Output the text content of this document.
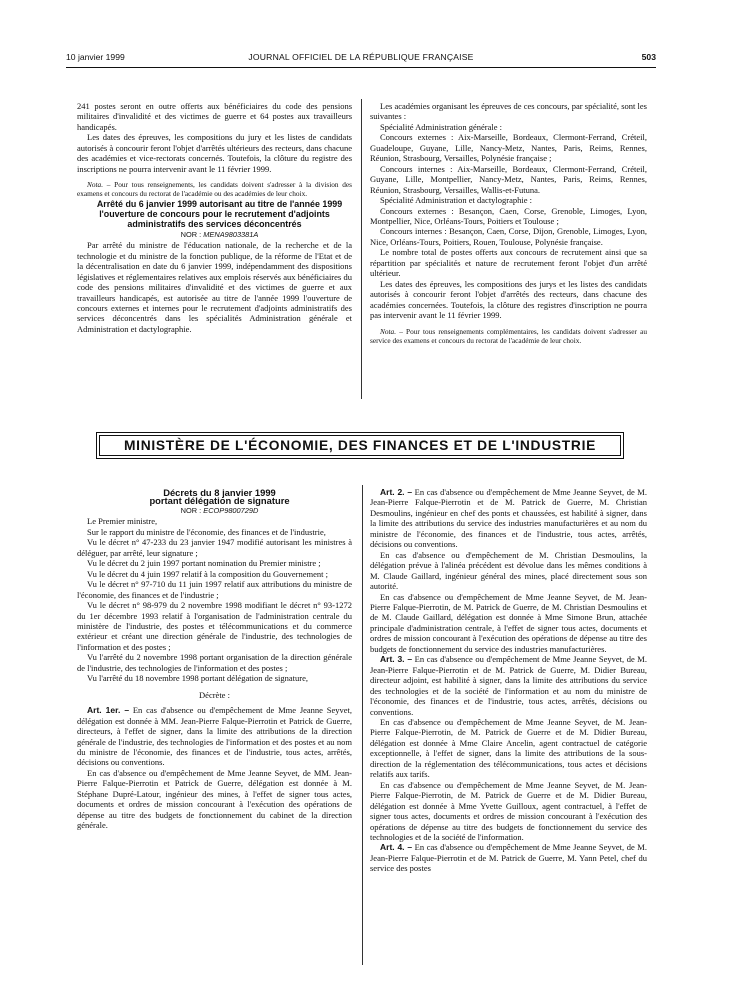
10 janvier 1999	JOURNAL OFFICIEL DE LA RÉPUBLIQUE FRANÇAISE	503

241 postes seront en outre offerts aux bénéficiaires du code des pensions militaires d'invalidité et des victimes de guerre et 64 postes aux travailleurs handicapés.

Les dates des épreuves, les compositions du jury et les listes de candidats autorisés à concourir feront l'objet d'arrêtés ultérieurs des recteurs, dans chacune des académies et vice-rectorats concernés. Toutefois, la clôture du registre des inscriptions ne pourra intervenir avant le 11 février 1999.

Nota. – Pour tous renseignements, les candidats doivent s'adresser à la division des examens et concours du rectorat de l'académie ou des académies de leur choix.

Arrêté du 6 janvier 1999 autorisant au titre de l'année 1999 l'ouverture de concours pour le recrutement d'adjoints administratifs des services déconcentrés

NOR : MENA9803381A

Par arrêté du ministre de l'éducation nationale, de la recherche et de la technologie et du ministre de la fonction publique, de la réforme de l'Etat et de la décentralisation en date du 6 janvier 1999, indépendamment des dispositions législatives et réglementaires relatives aux emplois réservés aux bénéficiaires du code des pensions militaires d'invalidité et des victimes de guerre et aux travailleurs handicapés, est autorisée au titre de l'année 1999 l'ouverture de concours externes et internes pour le recrutement d'adjoints administratifs des services déconcentrés dans les spécialités Administration générale et Administration et dactylographie.

Les académies organisant les épreuves de ces concours, par spécialité, sont les suivantes :

Spécialité Administration générale :

Concours externes : Aix-Marseille, Bordeaux, Clermont-Ferrand, Créteil, Guadeloupe, Guyane, Lille, Nancy-Metz, Nantes, Paris, Reims, Rennes, Réunion, Strasbourg, Versailles, Polynésie française ;

Concours internes : Aix-Marseille, Bordeaux, Clermont-Ferrand, Créteil, Guyane, Lille, Montpellier, Nancy-Metz, Nantes, Paris, Reims, Rennes, Réunion, Strasbourg, Versailles, Wallis-et-Futuna.

Spécialité Administration et dactylographie :

Concours externes : Besançon, Caen, Corse, Grenoble, Limoges, Lyon, Montpellier, Nice, Orléans-Tours, Poitiers et Toulouse ;

Concours internes : Besançon, Caen, Corse, Dijon, Grenoble, Limoges, Lyon, Nice, Orléans-Tours, Poitiers, Rouen, Toulouse, Polynésie française.

Le nombre total de postes offerts aux concours de recrutement ainsi que sa répartition par spécialités et nature de recrutement feront l'objet d'un arrêté ultérieur.

Les dates des épreuves, les compositions des jurys et les listes des candidats autorisés à concourir feront l'objet d'arrêtés des recteurs, dans chacune des académies concernées. Toutefois, la clôture des registres d'inscription ne pourra pas intervenir avant le 11 février 1999.

Nota. – Pour tous renseignements complémentaires, les candidats doivent s'adresser au service des examens et concours du rectorat de l'académie de leur choix.

MINISTÈRE DE L'ÉCONOMIE, DES FINANCES ET DE L'INDUSTRIE

Décrets du 8 janvier 1999

portant délégation de signature

NOR : ECOP9800729D

Le Premier ministre,

Sur le rapport du ministre de l'économie, des finances et de l'industrie,

Vu le décret n° 47-233 du 23 janvier 1947 modifié autorisant les ministres à déléguer, par arrêté, leur signature ;

Vu le décret du 2 juin 1997 portant nomination du Premier ministre ;

Vu le décret du 4 juin 1997 relatif à la composition du Gouvernement ;

Vu le décret n° 97-710 du 11 juin 1997 relatif aux attributions du ministre de l'économie, des finances et de l'industrie ;

Vu le décret n° 98-979 du 2 novembre 1998 modifiant le décret n° 93-1272 du 1er décembre 1993 relatif à l'organisation de l'administration centrale du ministère de l'industrie, des postes et télécommunications et du commerce extérieur et créant une direction générale de l'industrie, des technologies de l'information et des postes ;

Vu l'arrêté du 2 novembre 1998 portant organisation de la direction générale de l'industrie, des technologies de l'information et des postes ;

Vu l'arrêté du 18 novembre 1998 portant délégation de signature,

Décrète :

Art. 1er. – En cas d'absence ou d'empêchement de Mme Jeanne Seyvet, délégation est donnée à MM. Jean-Pierre Falque-Pierrotin et Patrick de Guerre, directeurs, à l'effet de signer, dans la limite des attributions de la direction générale de l'industrie, des technologies de l'information et des postes et au nom du ministre de l'économie, des finances et de l'industrie, tous actes, arrêtés, décisions ou conventions.

En cas d'absence ou d'empêchement de Mme Jeanne Seyvet, de MM. Jean-Pierre Falque-Pierrotin et Patrick de Guerre, délégation est donnée à M. Stéphane Dupré-Latour, ingénieur des mines, à l'effet de signer tous actes, documents et ordres de mission concourant à l'exécution des opérations de dépense au titre des budgets de fonctionnement du cabinet de la direction générale.

Art. 2. – En cas d'absence ou d'empêchement de Mme Jeanne Seyvet, de M. Jean-Pierre Falque-Pierrotin et de M. Patrick de Guerre, M. Christian Desmoulins, ingénieur en chef des ponts et chaussées, est habilité à signer, dans la limite des attributions du service des industries manufacturières et au nom du ministre de l'économie, des finances et de l'industrie, tous actes, arrêtés, décisions ou conventions.

En cas d'absence ou d'empêchement de M. Christian Desmoulins, la délégation prévue à l'alinéa précédent est dévolue dans les mêmes conditions à M. Claude Gaillard, ingénieur général des mines, placé directement sous son autorité.

En cas d'absence ou d'empêchement de Mme Jeanne Seyvet, de M. Jean-Pierre Falque-Pierrotin, de M. Patrick de Guerre, de M. Christian Desmoulins et de M. Claude Gaillard, délégation est donnée à Mme Simone Brun, attachée principale d'administration centrale, à l'effet de signer tous actes, documents et ordres de mission concourant à l'exécution des opérations de dépense au titre des budgets de fonctionnement du service des industries manufacturières.

Art. 3. – En cas d'absence ou d'empêchement de Mme Jeanne Seyvet, de M. Jean-Pierre Falque-Pierrotin et de M. Patrick de Guerre, M. Didier Bureau, directeur adjoint, est habilité à signer, dans la limite des attributions du service des technologies et de la société de l'information et au nom du ministre de l'économie, des finances et de l'industrie, tous actes, arrêtés, décisions ou conventions.

En cas d'absence ou d'empêchement de Mme Jeanne Seyvet, de M. Jean-Pierre Falque-Pierrotin, de M. Patrick de Guerre et de M. Didier Bureau, délégation est donnée à Mme Claire Ancelin, agent contractuel de catégorie exceptionnelle, à l'effet de signer, dans la limite des attributions de la sous-direction de la réglementation des télécommunications, tous actes et décisions relatifs aux tarifs.

En cas d'absence ou d'empêchement de Mme Jeanne Seyvet, de M. Jean-Pierre Falque-Pierrotin, de M. Patrick de Guerre et de M. Didier Bureau, délégation est donnée à Mme Yvette Guilloux, agent contractuel, à l'effet de signer tous actes, documents et ordres de mission concourant à l'exécution des opérations de dépense au titre des budgets de fonctionnement du service des technologies et de la société de l'information.

Art. 4. – En cas d'absence ou d'empêchement de Mme Jeanne Seyvet, de M. Jean-Pierre Falque-Pierrotin et de M. Patrick de Guerre, M. Yann Petel, chef du service des postes
